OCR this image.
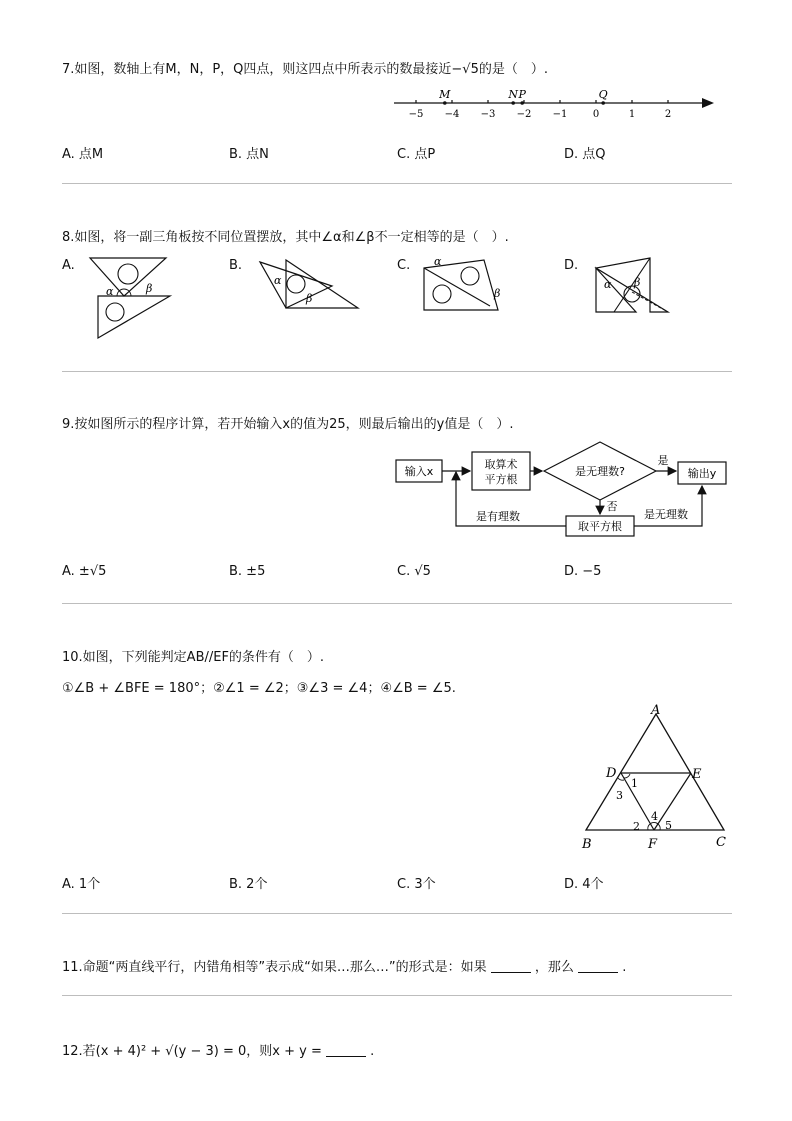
7.如图，数轴上有M，N，P，Q四点，则这四点中所表示的数最接近−√5的是（　）.
−5 −4 −3 −2 −1	0	1	2
M	N P	Q
A. 点M	B. 点N	C. 点P	D. 点Q
8.如图，将一副三角板按不同位置摆放，其中∠α和∠β不一定相等的是（　）.
A.	B.	C.	D.
α	β
α
β
α
β
α β
9.按如图所示的程序计算，若开始输入x的值为25，则最后输出的y值是（　）.
输入x
取算术
平方根
是无理数?
是
输出y
否
取平方根
是有理数	是无理数
A. ±√5	B. ±5	C. √5	D. −5
10.如图，下列能判定AB//EF的条件有（　）.
①∠B + ∠BFE = 180°；②∠1 = ∠2；③∠3 = ∠4；④∠B = ∠5.
A
B	C
D	E
F
1
2
3
4
5
A. 1个	B. 2个	C. 3个	D. 4个
11.命题“两直线平行，内错角相等”表示成“如果…那么…”的形式是：如果	，那么	.
12.若(x + 4)² + √(y − 3) = 0，则x + y =	.
